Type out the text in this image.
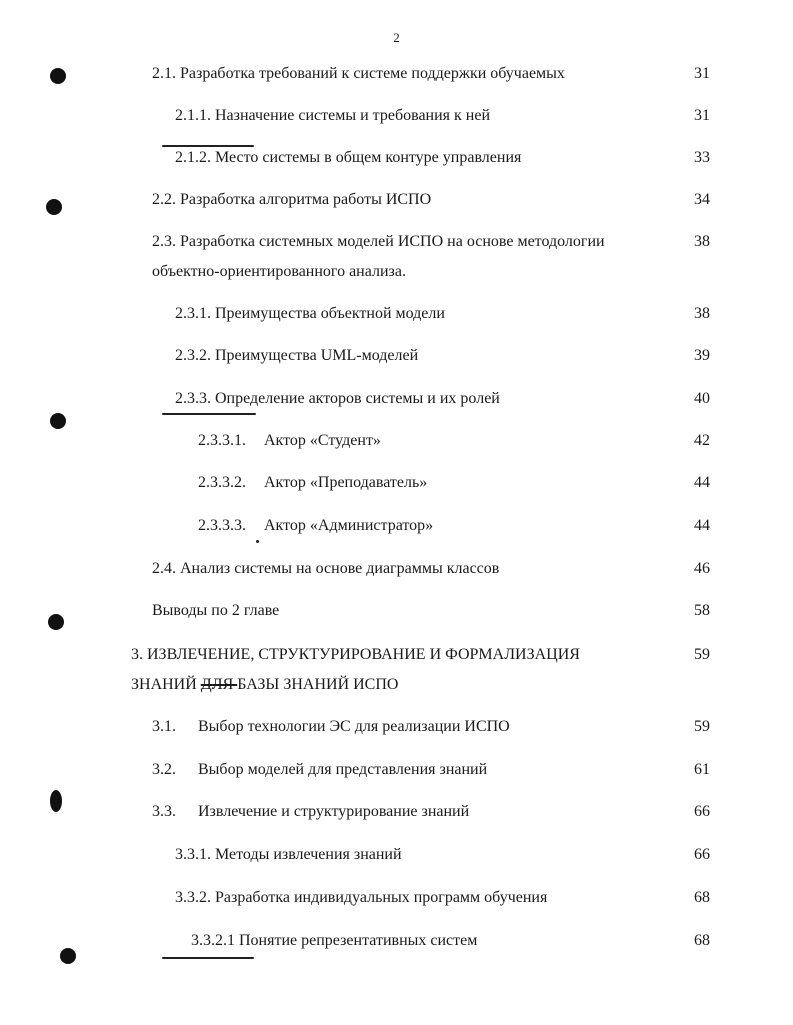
2
2.1. Разработка требований к системе поддержки обучаемых	31
2.1.1. Назначение системы и требования к ней	31
2.1.2. Место системы в общем контуре управления	33
2.2. Разработка алгоритма работы ИСПО	34
2.3. Разработка системных моделей ИСПО на основе методологии	38
объектно-ориентированного анализа.
2.3.1. Преимущества объектной модели	38
2.3.2. Преимущества UML-моделей	39
2.3.3. Определение акторов системы и их ролей	40
2.3.3.1. Актор «Студент»	42
2.3.3.2. Актор «Преподаватель»	44
2.3.3.3. Актор «Администратор»	44
2.4. Анализ системы на основе диаграммы классов	46
Выводы по 2 главе	58
3. ИЗВЛЕЧЕНИЕ, СТРУКТУРИРОВАНИЕ И ФОРМАЛИЗАЦИЯ	59
ЗНАНИЙ ДЛЯ БАЗЫ ЗНАНИЙ ИСПО
3.1. Выбор технологии ЭС для реализации ИСПО	59
3.2. Выбор моделей для представления знаний	61
3.3. Извлечение и структурирование знаний	66
3.3.1. Методы извлечения знаний	66
3.3.2. Разработка индивидуальных программ обучения	68
3.3.2.1 Понятие репрезентативных систем	68
